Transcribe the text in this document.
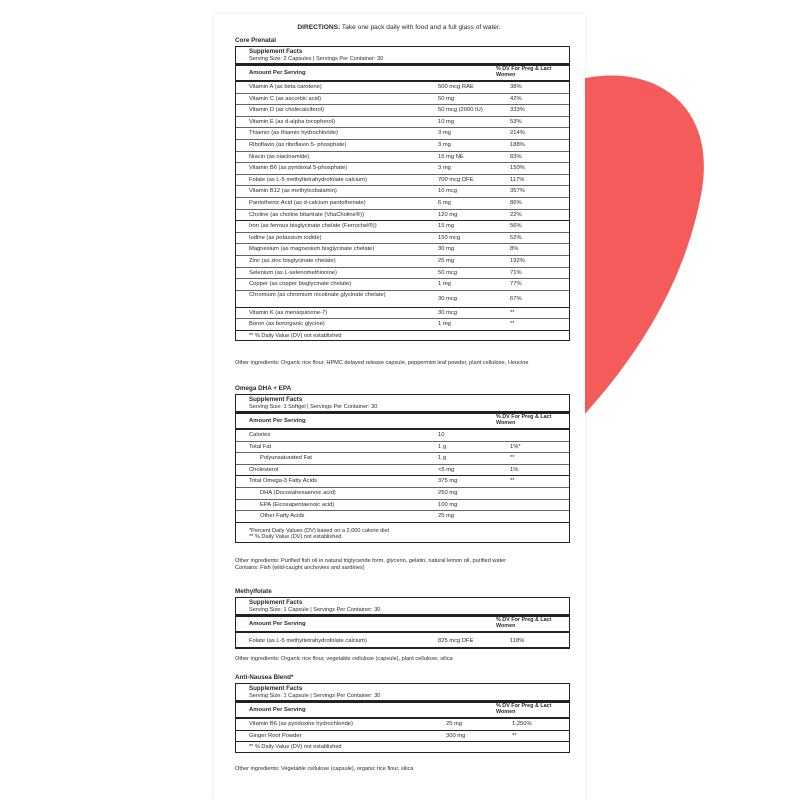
DIRECTIONS: Take one pack daily with food and a full glass of water.
Core Prenatal
Supplement Facts
Serving Size: 2 Capsules | Servings Per Container: 30
Amount Per Serving
% DV For Preg & Lact Women
Vitamin A (as beta carotene)	500 mcg RAE	38%
Vitamin C (as ascorbic acid)	50 mg	42%
Vitamin D (as cholecalciferol)	50 mcg (2000 IU)	333%
Vitamin E (as d-alpha tocopherol)	10 mg	53%
Thiamin (as thiamin hydrochloride)	3 mg	214%
Riboflavin (as riboflavin 5- phosphate)	3 mg	188%
Niacin (as niacinamide)	15 mg NE	83%
Vitamin B6 (as pyridoxal 5-phosphate)	3 mg	150%
Folate (as L-5 methyltetrahydrofolate calcium)	700 mcg DFE	117%
Vitamin B12 (as methylcobalamin)	10 mcg	357%
Pantothenic Acid (as d-calcium pantothenate)	6 mg	86%
Choline (as choline bitartrate (VitaCholine®))	120 mg	22%
Iron (as ferrous bisglycinate chelate (Ferrochel®))	15 mg	56%
Iodine (as potassium iodide)	150 mcg	52%
Magnesium (as magnesium bisglycinate chelate)	30 mg	8%
Zinc (as zinc bisglycinate chelate)	25 mg	192%
Selenium (as L-selenomethionine)	50 mcg	71%
Copper (as copper bisglycinate chelate)	1 mg	77%
Chromium (as chromium nicotinate glycinate chelate)
30 mcg	67%
Vitamin K (as menaquinone-7)	30 mcg	**
Boron (as bororganic glycine)	1 mg	**
** % Daily Value (DV) not established
Other ingredients: Organic rice flour, HPMC delayed release capsule, peppermint leaf powder, plant cellulose, l-leucine
Omega DHA + EPA
Supplement Facts
Serving Size: 1 Softgel | Servings Per Container: 30
Amount Per Serving
% DV For Preg & Lact Women
Calories	10
Total Fat	1 g	1%*
Polyunsaturated Fat	1 g	**
Cholesterol	<5 mg	1%
Total Omega-3 Fatty Acids	375 mg	**
DHA (Docosahexaenoic acid)	250 mg
EPA (Eicosapentaenoic acid)	100 mg
Other Fatty Acids	25 mg
*Percent Daily Values (DV) based on a 2,000 calorie diet
** % Daily Value (DV) not established
Other ingredients: Purified fish oil in natural triglyceride form, glycerin, gelatin, natural lemon oil, purified water
Contains: Fish (wild-caught anchovies and sardines)
Methylfolate
Supplement Facts
Serving Size: 1 Capsule | Servings Per Container: 30
Amount Per Serving
% DV For Preg & Lact Women
Folate (as L-5 methyltetrahydrofolate calcium)	825 mcg DFE	118%
Other ingredients: Organic rice flour, vegetable cellulose (capsule), plant cellulose, silica
Anti-Nausea Blend*
Supplement Facts
Serving Size: 1 Capsule | Servings Per Container: 30
Amount Per Serving
% DV For Preg & Lact Women
Vitamin B6 (as pyridoxine hydrochloride)	25 mg	1,250%
Ginger Root Powder	300 mg	**
** % Daily Value (DV) not established
Other ingredients: Vegetable cellulose (capsule), organic rice flour, silica
